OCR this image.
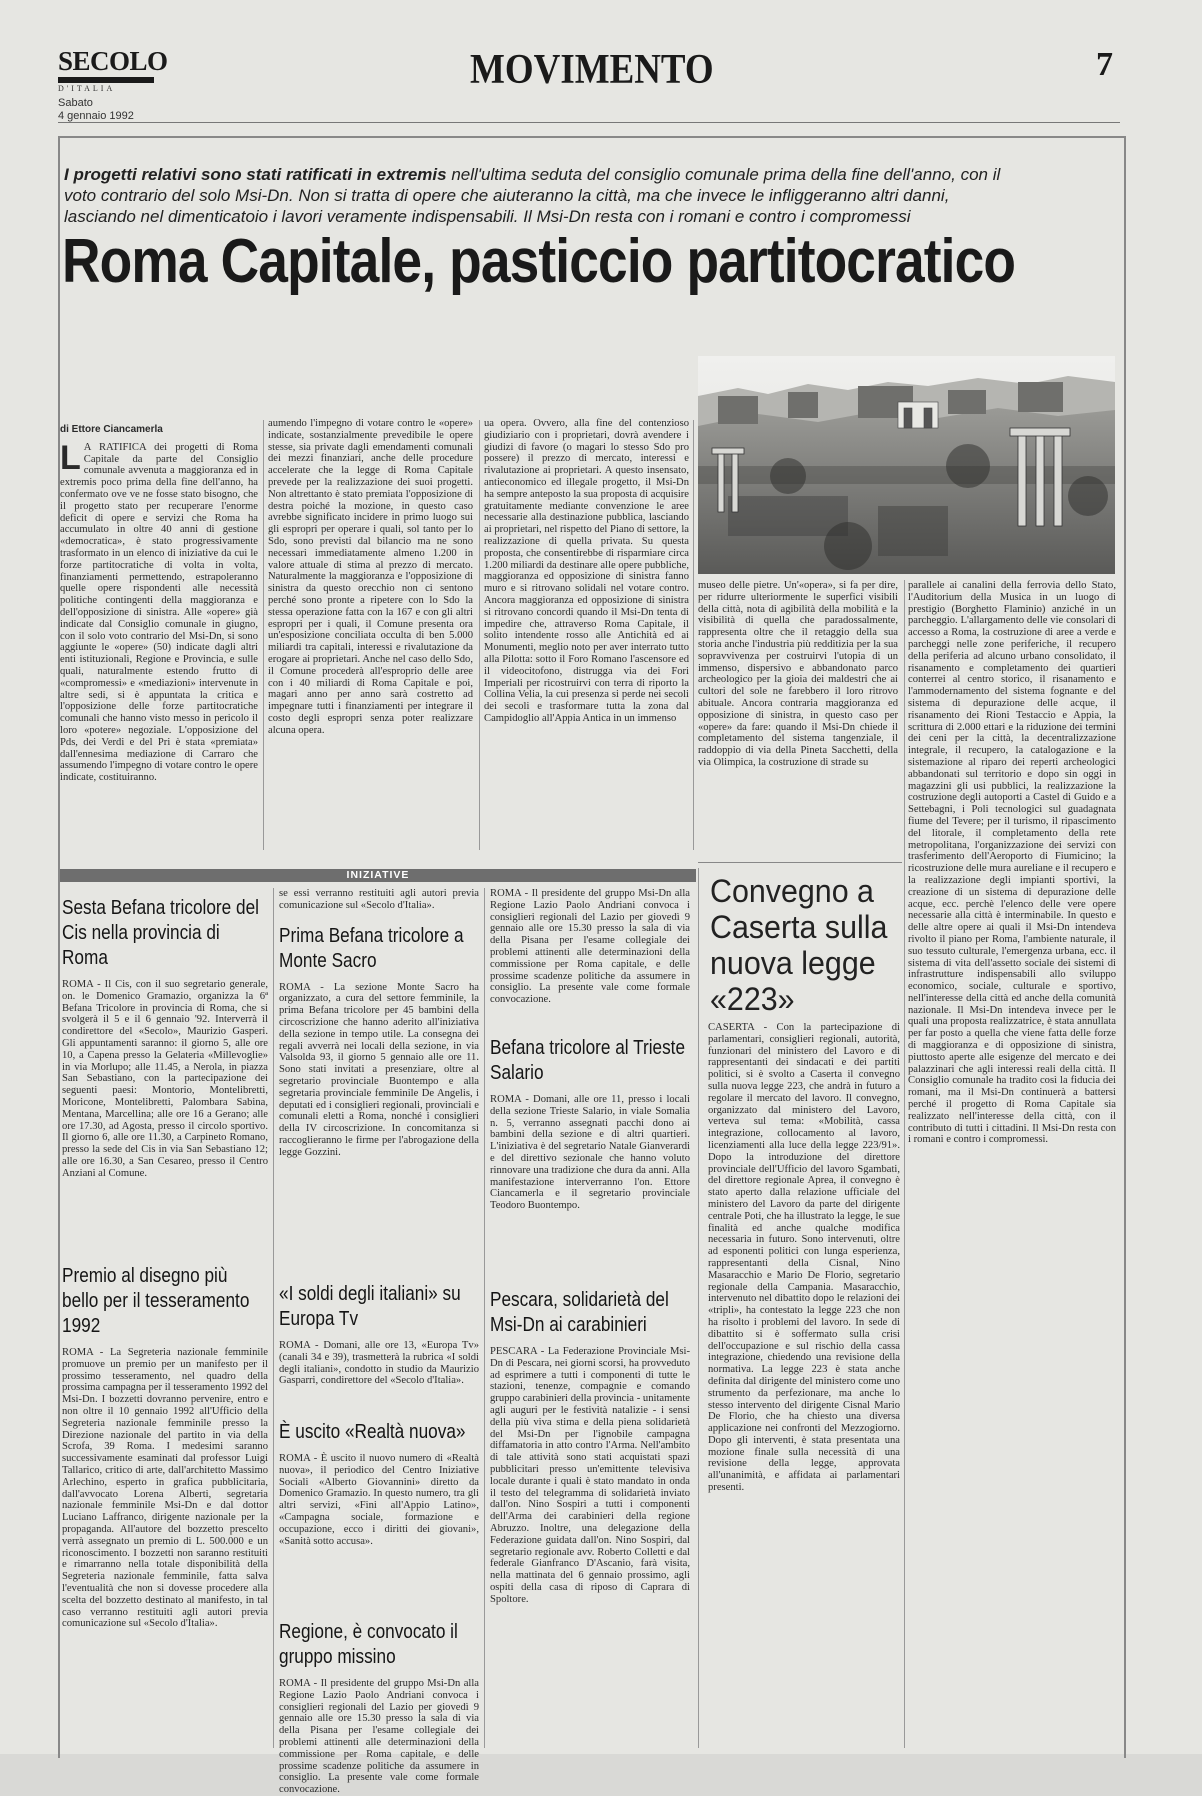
SECOLO
D'ITALIA
Sabato
4 gennaio 1992
MOVIMENTO	7
I progetti relativi sono stati ratificati in extremis nell'ultima seduta del consiglio comunale prima della fine dell'anno, con il voto contrario del solo Msi-Dn. Non si tratta di opere che aiuteranno la città, ma che invece le infliggeranno altri danni, lasciando nel dimenticatoio i lavori veramente indispensabili. Il Msi-Dn resta con i romani e contro i compromessi
Roma Capitale, pasticcio partitocratico
di Ettore Ciancamerla
L A RATIFICA dei progetti di Roma Capitale da parte del Consiglio comunale avvenuta a maggioranza ed in extremis poco prima della fine dell'anno, ha confermato ove ve ne fosse stato bisogno, che il progetto stato per recuperare l'enorme deficit di opere e servizi che Roma ha accumulato in oltre 40 anni di gestione «democratica», è stato progressivamente trasformato in un elenco di iniziative da cui le forze partitocratiche di volta in volta, finanziamenti permettendo, estrapoleranno quelle opere rispondenti alle necessità politiche contingenti della maggioranza e dell'opposizione di sinistra. Alle «opere» già indicate dal Consiglio comunale in giugno, con il solo voto contrario del Msi-Dn, si sono aggiunte le «opere» (50) indicate dagli altri enti istituzionali, Regione e Provincia, e sulle quali, naturalmente estendo frutto di «compromessi» e «mediazioni» intervenute in altre sedi, si è appuntata la critica e l'opposizione delle forze partitocratiche comunali che hanno visto messo in pericolo il loro «potere» negoziale. L'opposizione del Pds, dei Verdi e del Pri è stata «premiata» dall'ennesima mediazione di Carraro che assumendo l'impegno di votare contro le opere indicate, costituiranno.
aumendo l'impegno di votare contro le «opere» indicate, sostanzialmente prevedibile le opere stesse, sia private dagli emendamenti comunali dei mezzi finanziari, anche delle procedure accelerate che la legge di Roma Capitale prevede per la realizzazione dei suoi progetti. Non altrettanto è stato premiata l'opposizione di destra poiché la mozione, in questo caso avrebbe significato incidere in primo luogo sui gli espropri per operare i quali, sol tanto per lo Sdo, sono previsti dal bilancio ma ne sono necessari immediatamente almeno 1.200 in valore attuale di stima al prezzo di mercato. Naturalmente la maggioranza e l'opposizione di sinistra da questo orecchio non ci sentono perché sono pronte a ripetere con lo Sdo la stessa operazione fatta con la 167 e con gli altri espropri per i quali, il Comune presenta ora un'esposizione conciliata occulta di ben 5.000 miliardi tra capitali, interessi e rivalutazione da erogare ai proprietari. Anche nel caso dello Sdo, il Comune procederà all'esproprio delle aree con i 40 miliardi di Roma Capitale e poi, magari anno per anno sarà costretto ad impegnare tutti i finanziamenti per integrare il costo degli espropri senza poter realizzare alcuna opera.
ua opera. Ovvero, alla fine del contenzioso giudiziario con i proprietari, dovrà avendere i giudizi di favore (o magari lo stesso Sdo pro possere) il prezzo di mercato, interessi e rivalutazione ai proprietari. A questo insensato, antieconomico ed illegale progetto, il Msi-Dn ha sempre anteposto la sua proposta di acquisire gratuitamente mediante convenzione le aree necessarie alla destinazione pubblica, lasciando ai proprietari, nel rispetto del Piano di settore, la realizzazione di quella privata. Su questa proposta, che consentirebbe di risparmiare circa 1.200 miliardi da destinare alle opere pubbliche, maggioranza ed opposizione di sinistra fanno muro e si ritrovano solidali nel votare contro. Ancora maggioranza ed opposizione di sinistra si ritrovano concordi quando il Msi-Dn tenta di impedire che, attraverso Roma Capitale, il solito intendente rosso alle Antichità ed ai Monumenti, meglio noto per aver interrato tutto alla Pilotta: sotto il Foro Romano l'ascensore ed il videocitofono, distrugga via dei Fori Imperiali per ricostruirvi con terra di riporto la Collina Velia, la cui presenza si perde nei secoli dei secoli e trasformare tutta la zona dal Campidoglio all'Appia Antica in un immenso
museo delle pietre. Un'«opera», si fa per dire, per ridurre ulteriormente le superfici visibili della città, nota di agibilità della mobilità e la visibilità di quella che paradossalmente, rappresenta oltre che il retaggio della sua storia anche l'industria più redditizia per la sua sopravvivenza per costruirvi l'utopia di un immenso, dispersivo e abbandonato parco archeologico per la gioia dei maldestri che ai cultori del sole ne farebbero il loro ritrovo abituale. Ancora contraria maggioranza ed opposizione di sinistra, in questo caso per «opere» da fare: quando il Msi-Dn chiede il completamento del sistema tangenziale, il raddoppio di via della Pineta Sacchetti, della via Olimpica, la costruzione di strade su
parallele ai canalini della ferrovia dello Stato, l'Auditorium della Musica in un luogo di prestigio (Borghetto Flaminio) anziché in un parcheggio. L'allargamento delle vie consolari di accesso a Roma, la costruzione di aree a verde e parcheggi nelle zone periferiche, il recupero della periferia ad alcuno urbano consolidato, il risanamento e completamento dei quartieri conterrei al centro storico, il risanamento e l'ammodernamento del sistema fognante e del sistema di depurazione delle acque, il risanamento dei Rioni Testaccio e Appia, la scrittura di 2.000 ettari e la riduzione dei termini dei ceni per la città, la decentralizzazione integrale, il recupero, la catalogazione e la sistemazione al riparo dei reperti archeologici abbandonati sul territorio e dopo sin oggi in magazzini gli usi pubblici, la realizzazione la costruzione degli autoporti a Castel di Guido e a Settebagni, i Poli tecnologici sul guadagnata fiume del Tevere; per il turismo, il ripascimento del litorale, il completamento della rete metropolitana, l'organizzazione dei servizi con trasferimento dell'Aeroporto di Fiumicino; la ricostruzione delle mura aureliane e il recupero e la realizzazione degli impianti sportivi, la creazione di un sistema di depurazione delle acque, ecc. perchè l'elenco delle vere opere necessarie alla città è interminabile. In questo e delle altre opere ai quali il Msi-Dn intendeva rivolto il piano per Roma, l'ambiente naturale, il suo tessuto culturale, l'emergenza urbana, ecc. il sistema di vita dell'assetto sociale dei sistemi di infrastrutture indispensabili allo sviluppo economico, sociale, culturale e sportivo, nell'interesse della città ed anche della comunità nazionale. Il Msi-Dn intendeva invece per le quali una proposta realizzatrice, è stata annullata per far posto a quella che viene fatta delle forze di maggioranza e di opposizione di sinistra, piuttosto aperte alle esigenze del mercato e dei palazzinari che agli interessi reali della città. Il Consiglio comunale ha tradito così la fiducia dei romani, ma il Msi-Dn continuerà a battersi perché il progetto di Roma Capitale sia realizzato nell'interesse della città, con il contributo di tutti i cittadini. Il Msi-Dn resta con i romani e contro i compromessi.
INIZIATIVE
Sesta Befana tricolore del Cis nella provincia di Roma
ROMA - Il Cis, con il suo segretario generale, on. le Domenico Gramazio, organizza la 6ª Befana Tricolore in provincia di Roma, che si svolgerà il 5 e il 6 gennaio '92. Interverrà il condirettore del «Secolo», Maurizio Gasperi. Gli appuntamenti saranno: il giorno 5, alle ore 10, a Capena presso la Gelateria «Millevoglie» in via Morlupo; alle 11.45, a Nerola, in piazza San Sebastiano, con la partecipazione dei seguenti paesi: Montorio, Montelibretti, Moricone, Montelibretti, Palombara Sabina, Mentana, Marcellina; alle ore 16 a Gerano; alle ore 17.30, ad Agosta, presso il circolo sportivo. Il giorno 6, alle ore 11.30, a Carpineto Romano, presso la sede del Cis in via San Sebastiano 12; alle ore 16.30, a San Cesareo, presso il Centro Anziani al Comune.
Premio al disegno più bello per il tesseramento 1992
ROMA - La Segreteria nazionale femminile promuove un premio per un manifesto per il prossimo tesseramento, nel quadro della prossima campagna per il tesseramento 1992 del Msi-Dn. I bozzetti dovranno pervenire, entro e non oltre il 10 gennaio 1992 all'Ufficio della Segreteria nazionale femminile presso la Direzione nazionale del partito in via della Scrofa, 39 Roma. I medesimi saranno successivamente esaminati dal professor Luigi Tallarico, critico di arte, dall'architetto Massimo Arlechino, esperto in grafica pubblicitaria, dall'avvocato Lorena Alberti, segretaria nazionale femminile Msi-Dn e dal dottor Luciano Laffranco, dirigente nazionale per la propaganda. All'autore del bozzetto prescelto verrà assegnato un premio di L. 500.000 e un riconoscimento. I bozzetti non saranno restituiti e rimarranno nella totale disponibilità della Segreteria nazionale femminile, fatta salva l'eventualità che non si dovesse procedere alla scelta del bozzetto destinato al manifesto, in tal caso verranno restituiti agli autori previa comunicazione sul «Secolo d'Italia».
se essi verranno restituiti agli autori previa comunicazione sul «Secolo d'Italia».
Prima Befana tricolore a Monte Sacro
ROMA - La sezione Monte Sacro ha organizzato, a cura del settore femminile, la prima Befana tricolore per 45 bambini della circoscrizione che hanno aderito all'iniziativa della sezione in tempo utile. La consegna dei regali avverrà nei locali della sezione, in via Valsolda 93, il giorno 5 gennaio alle ore 11. Sono stati invitati a presenziare, oltre al segretario provinciale Buontempo e alla segretaria provinciale femminile De Angelis, i deputati ed i consiglieri regionali, provinciali e comunali eletti a Roma, nonché i consiglieri della IV circoscrizione. In concomitanza si raccoglieranno le firme per l'abrogazione della legge Gozzini.
«I soldi degli italiani» su Europa Tv
ROMA - Domani, alle ore 13, «Europa Tv» (canali 34 e 39), trasmetterà la rubrica «I soldi degli italiani», condotto in studio da Maurizio Gasparri, condirettore del «Secolo d'Italia».
È uscito «Realtà nuova»
ROMA - È uscito il nuovo numero di «Realtà nuova», il periodico del Centro Iniziative Sociali «Alberto Giovannini» diretto da Domenico Gramazio. In questo numero, tra gli altri servizi, «Fini all'Appio Latino», «Campagna sociale, formazione e occupazione, ecco i diritti dei giovani», «Sanità sotto accusa».
Regione, è convocato il gruppo missino
ROMA - Il presidente del gruppo Msi-Dn alla Regione Lazio Paolo Andriani convoca i consiglieri regionali del Lazio per giovedì 9 gennaio alle ore 15.30 presso la sala di via della Pisana per l'esame collegiale dei problemi attinenti alle determinazioni della commissione per Roma capitale, e delle prossime scadenze politiche da assumere in consiglio. La presente vale come formale convocazione.
ROMA - Il presidente del gruppo Msi-Dn alla Regione Lazio Paolo Andriani convoca i consiglieri regionali del Lazio per giovedì 9 gennaio alle ore 15.30 presso la sala di via della Pisana per l'esame collegiale dei problemi attinenti alle determinazioni della commissione per Roma capitale, e delle prossime scadenze politiche da assumere in consiglio. La presente vale come formale convocazione.
Befana tricolore al Trieste Salario
ROMA - Domani, alle ore 11, presso i locali della sezione Trieste Salario, in viale Somalia n. 5, verranno assegnati pacchi dono ai bambini della sezione e di altri quartieri. L'iniziativa è del segretario Natale Gianverardi e del direttivo sezionale che hanno voluto rinnovare una tradizione che dura da anni. Alla manifestazione interverranno l'on. Ettore Ciancamerla e il segretario provinciale Teodoro Buontempo.
Pescara, solidarietà del Msi-Dn ai carabinieri
PESCARA - La Federazione Provinciale Msi-Dn di Pescara, nei giorni scorsi, ha provveduto ad esprimere a tutti i componenti di tutte le stazioni, tenenze, compagnie e comando gruppo carabinieri della provincia - unitamente agli auguri per le festività natalizie - i sensi della più viva stima e della piena solidarietà del Msi-Dn per l'ignobile campagna diffamatoria in atto contro l'Arma. Nell'ambito di tale attività sono stati acquistati spazi pubblicitari presso un'emittente televisiva locale durante i quali è stato mandato in onda il testo del telegramma di solidarietà inviato dall'on. Nino Sospiri a tutti i componenti dell'Arma dei carabinieri della regione Abruzzo. Inoltre, una delegazione della Federazione guidata dall'on. Nino Sospiri, dal segretario regionale avv. Roberto Colletti e dal federale Gianfranco D'Ascanio, farà visita, nella mattinata del 6 gennaio prossimo, agli ospiti della casa di riposo di Caprara di Spoltore.
Convegno a Caserta sulla nuova legge «223»
CASERTA - Con la partecipazione di parlamentari, consiglieri regionali, autorità, funzionari del ministero del Lavoro e di rappresentanti dei sindacati e dei partiti politici, si è svolto a Caserta il convegno sulla nuova legge 223, che andrà in futuro a regolare il mercato del lavoro. Il convegno, organizzato dal ministero del Lavoro, verteva sul tema: «Mobilità, cassa integrazione, collocamento al lavoro, licenziamenti alla luce della legge 223/91». Dopo la introduzione del direttore provinciale dell'Ufficio del lavoro Sgambati, del direttore regionale Aprea, il convegno è stato aperto dalla relazione ufficiale del ministero del Lavoro da parte del dirigente centrale Poti, che ha illustrato la legge, le sue finalità ed anche qualche modifica necessaria in futuro. Sono intervenuti, oltre ad esponenti politici con lunga esperienza, rappresentanti della Cisnal, Nino Masaracchio e Mario De Florio, segretario regionale della Campania. Masaracchio, intervenuto nel dibattito dopo le relazioni dei «tripli», ha contestato la legge 223 che non ha risolto i problemi del lavoro. In sede di dibattito si è soffermato sulla crisi dell'occupazione e sul rischio della cassa integrazione, chiedendo una revisione della normativa. La legge 223 è stata anche definita dal dirigente del ministero come uno strumento da perfezionare, ma anche lo stesso intervento del dirigente Cisnal Mario De Florio, che ha chiesto una diversa applicazione nei confronti del Mezzogiorno. Dopo gli interventi, è stata presentata una mozione finale sulla necessità di una revisione della legge, approvata all'unanimità, e affidata ai parlamentari presenti.
